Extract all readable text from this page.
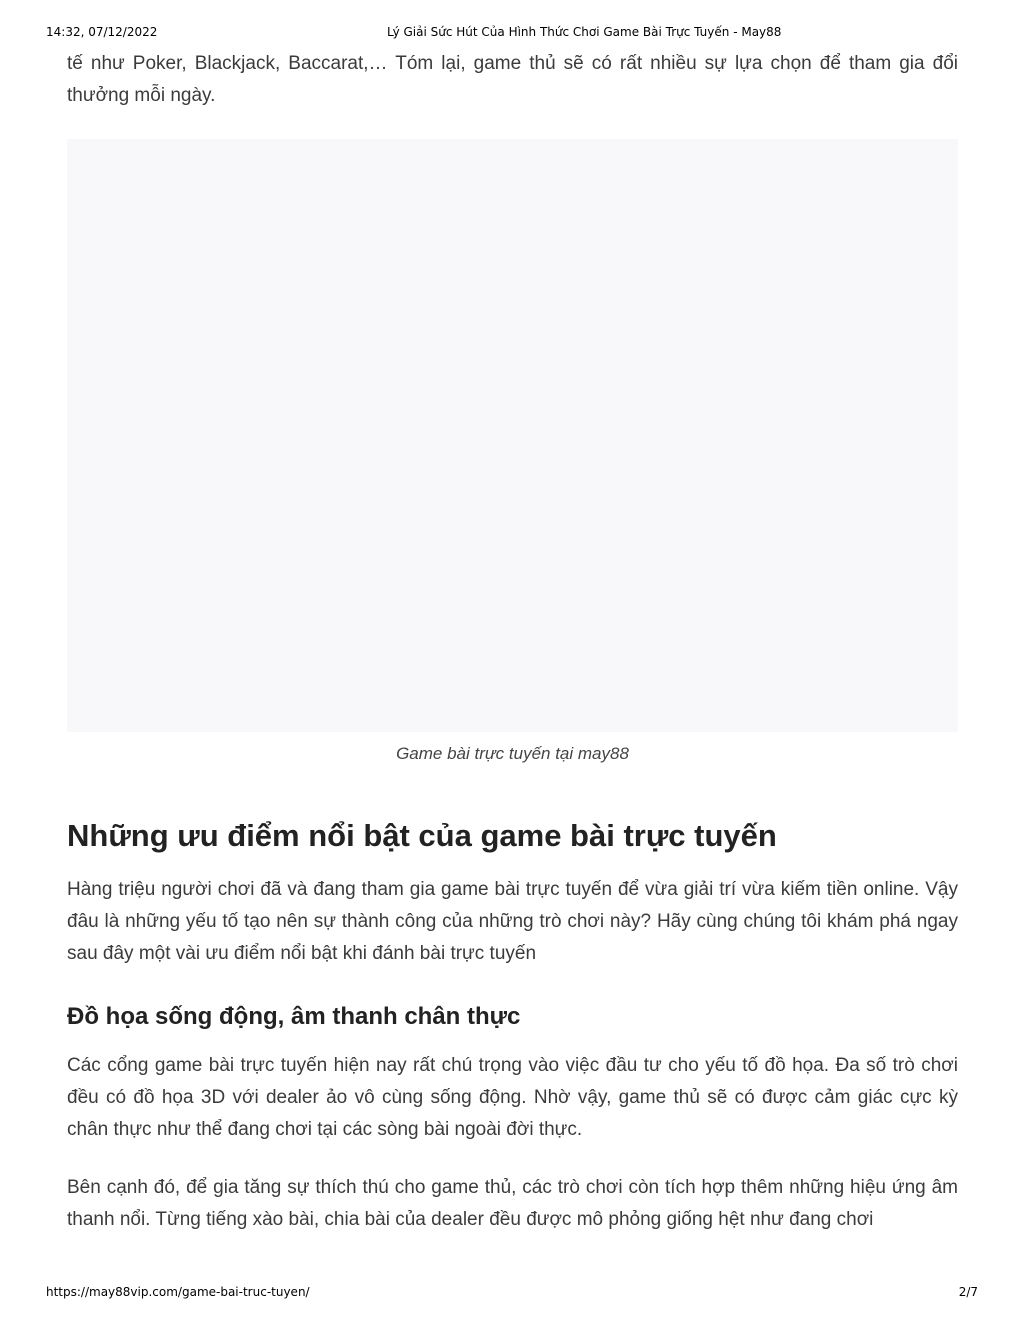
14:32, 07/12/2022	Lý Giải Sức Hút Của Hình Thức Chơi Game Bài Trực Tuyến - May88

tế như Poker, Blackjack, Baccarat,… Tóm lại, game thủ sẽ có rất nhiều sự lựa chọn để tham gia đổi thưởng mỗi ngày.

Game bài trực tuyến tại may88
Những ưu điểm nổi bật của game bài trực tuyến

Hàng triệu người chơi đã và đang tham gia game bài trực tuyến để vừa giải trí vừa kiếm tiền online. Vậy đâu là những yếu tố tạo nên sự thành công của những trò chơi này? Hãy cùng chúng tôi khám phá ngay sau đây một vài ưu điểm nổi bật khi đánh bài trực tuyến

Đồ họa sống động, âm thanh chân thực

Các cổng game bài trực tuyến hiện nay rất chú trọng vào việc đầu tư cho yếu tố đồ họa. Đa số trò chơi đều có đồ họa 3D với dealer ảo vô cùng sống động. Nhờ vậy, game thủ sẽ có được cảm giác cực kỳ chân thực như thể đang chơi tại các sòng bài ngoài đời thực.

Bên cạnh đó, để gia tăng sự thích thú cho game thủ, các trò chơi còn tích hợp thêm những hiệu ứng âm thanh nổi. Từng tiếng xào bài, chia bài của dealer đều được mô phỏng giống hệt như đang chơi

https://may88vip.com/game-bai-truc-tuyen/	2/7
